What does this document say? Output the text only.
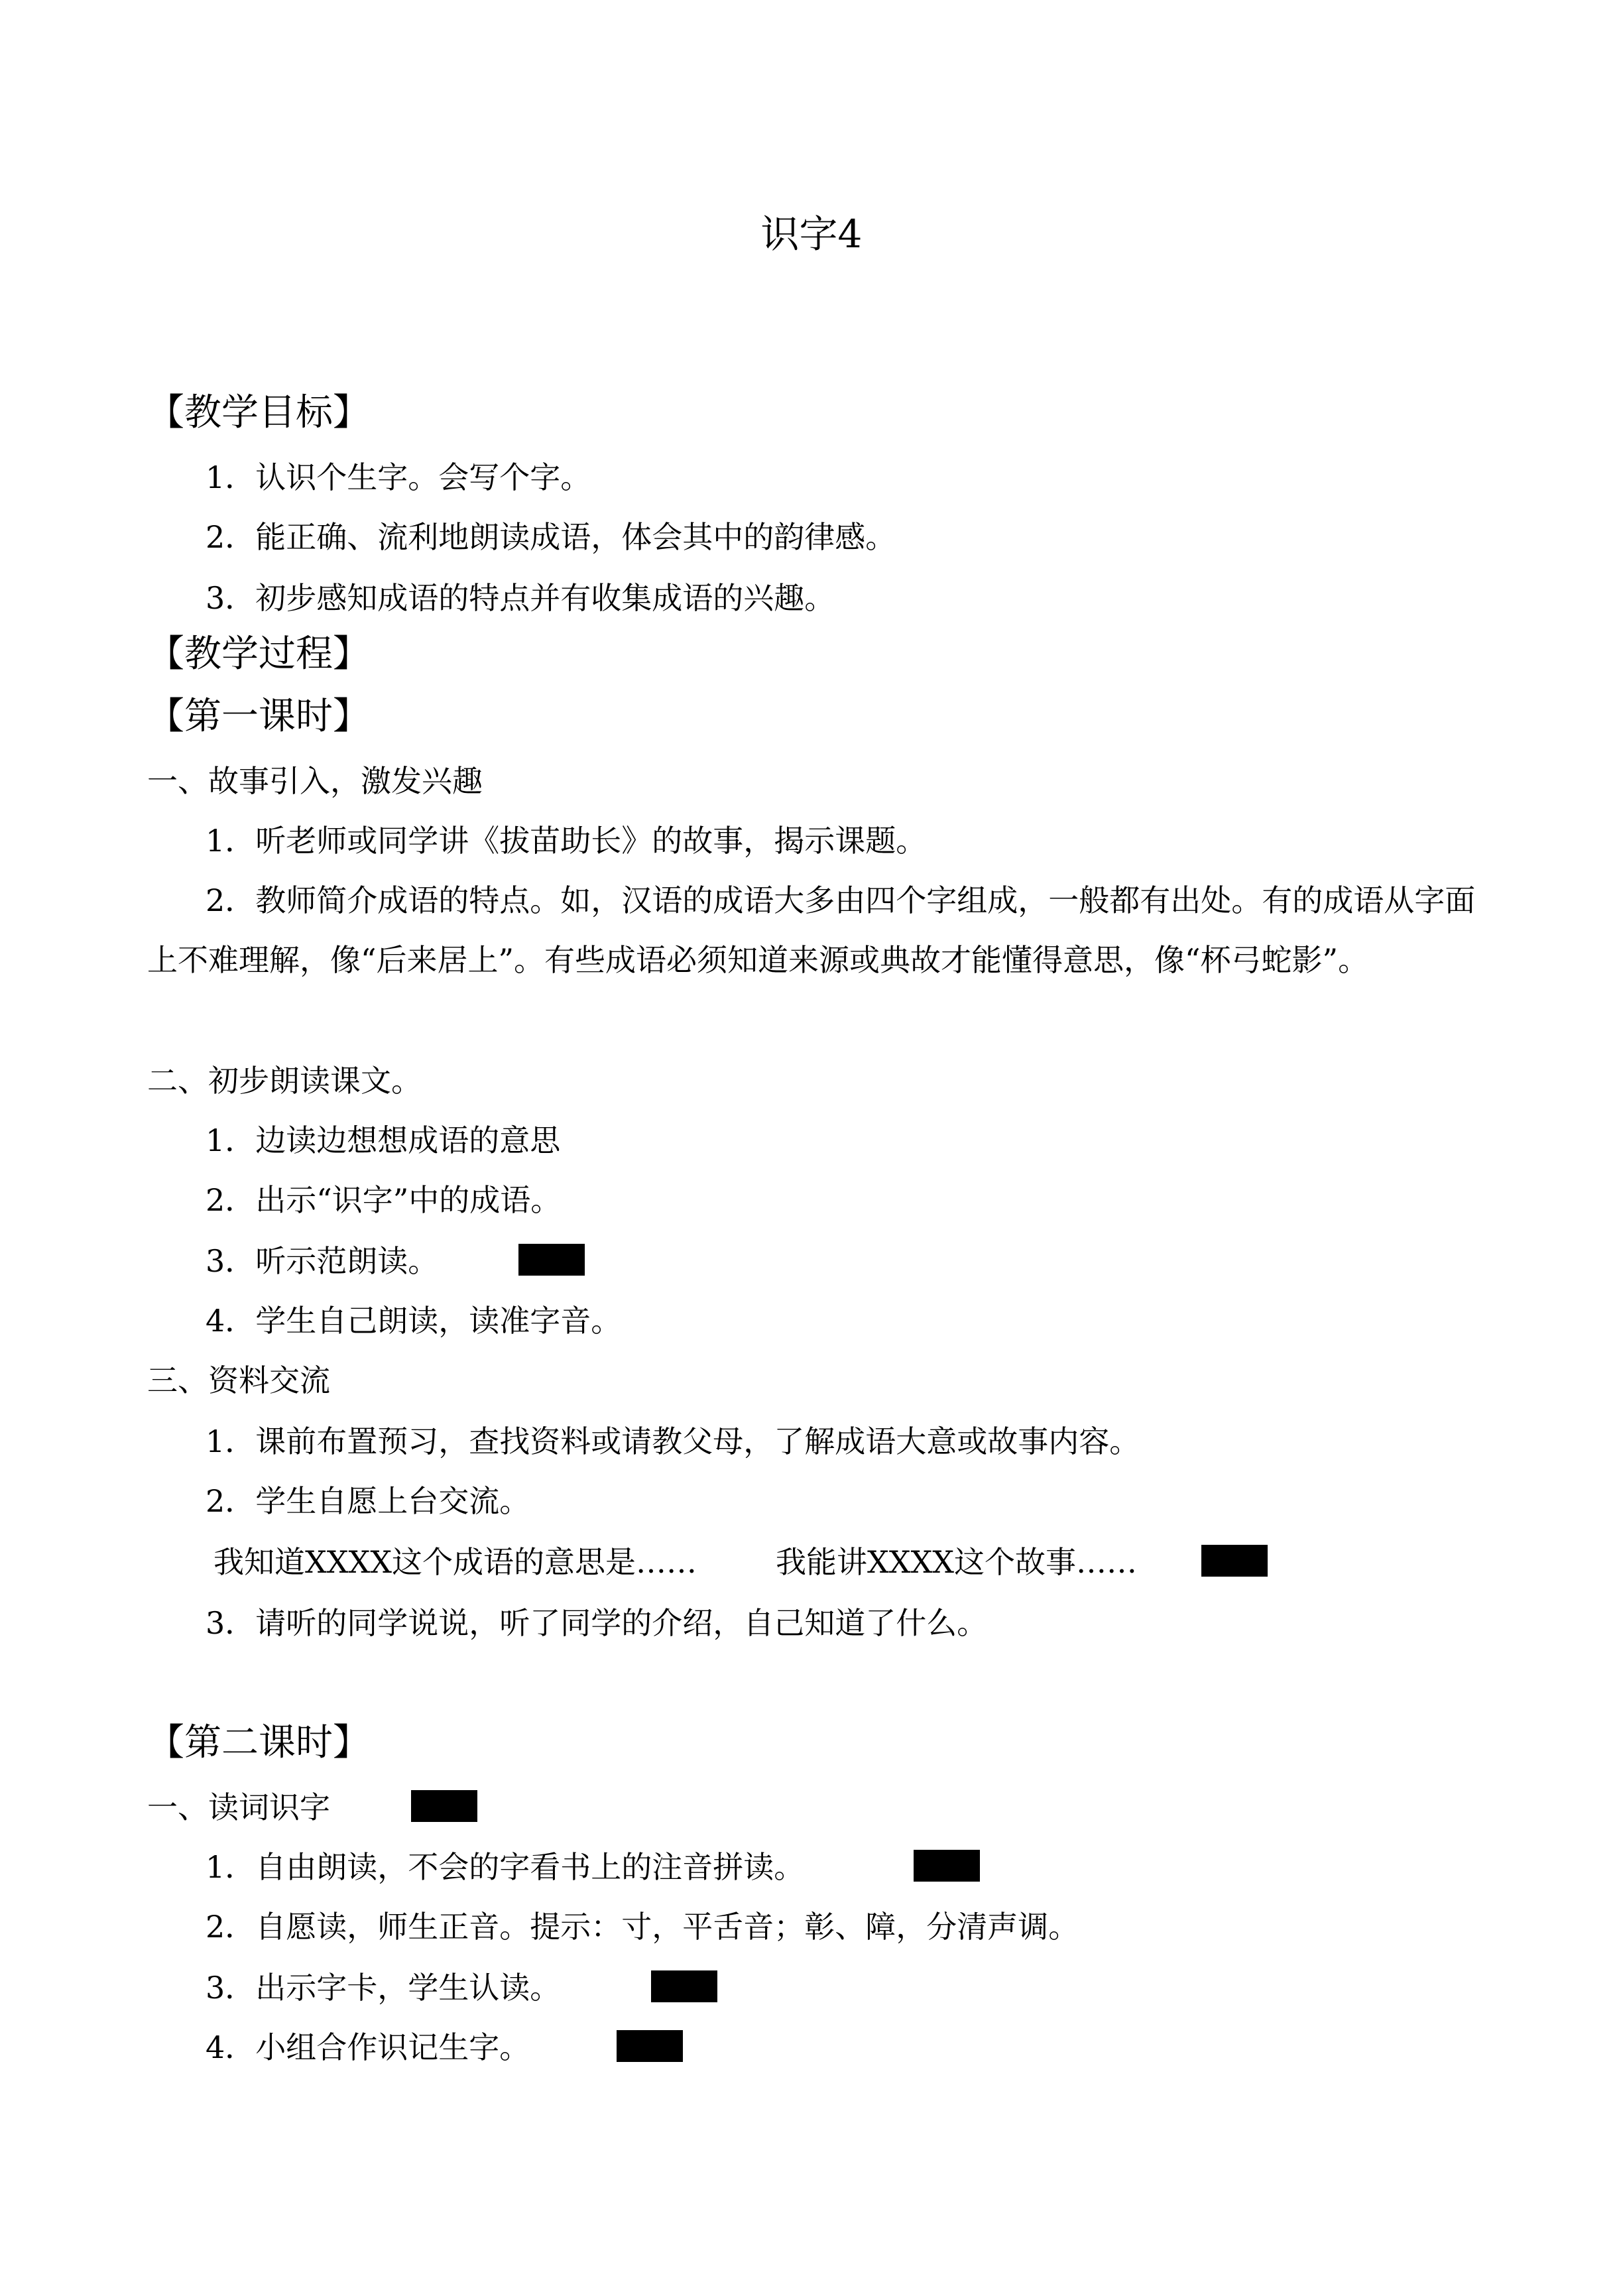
识字4
【教学目标】
1．认识个生字。会写个字。
2．能正确、流利地朗读成语，体会其中的韵律感。
3．初步感知成语的特点并有收集成语的兴趣。
【教学过程】
【第一课时】
一、故事引入，激发兴趣
1．听老师或同学讲《拔苗助长》的故事，揭示课题。
2．教师简介成语的特点。如，汉语的成语大多由四个字组成，一般都有出处。有的成语从字面上不难理解，像“后来居上”。有些成语必须知道来源或典故才能懂得意思，像“杯弓蛇影”。
二、初步朗读课文。
1．边读边想想成语的意思
2．出示“识字”中的成语。
3．听示范朗读。
4．学生自己朗读，读准字音。
三、资料交流
1．课前布置预习，查找资料或请教父母，了解成语大意或故事内容。
2．学生自愿上台交流。
我知道XXXX这个成语的意思是……	我能讲XXXX这个故事……
3．请听的同学说说，听了同学的介绍，自己知道了什么。
【第二课时】
一、读词识字
1．自由朗读，不会的字看书上的注音拼读。
2．自愿读，师生正音。提示：寸，平舌音；彰、障，分清声调。
3．出示字卡，学生认读。
4．小组合作识记生字。
